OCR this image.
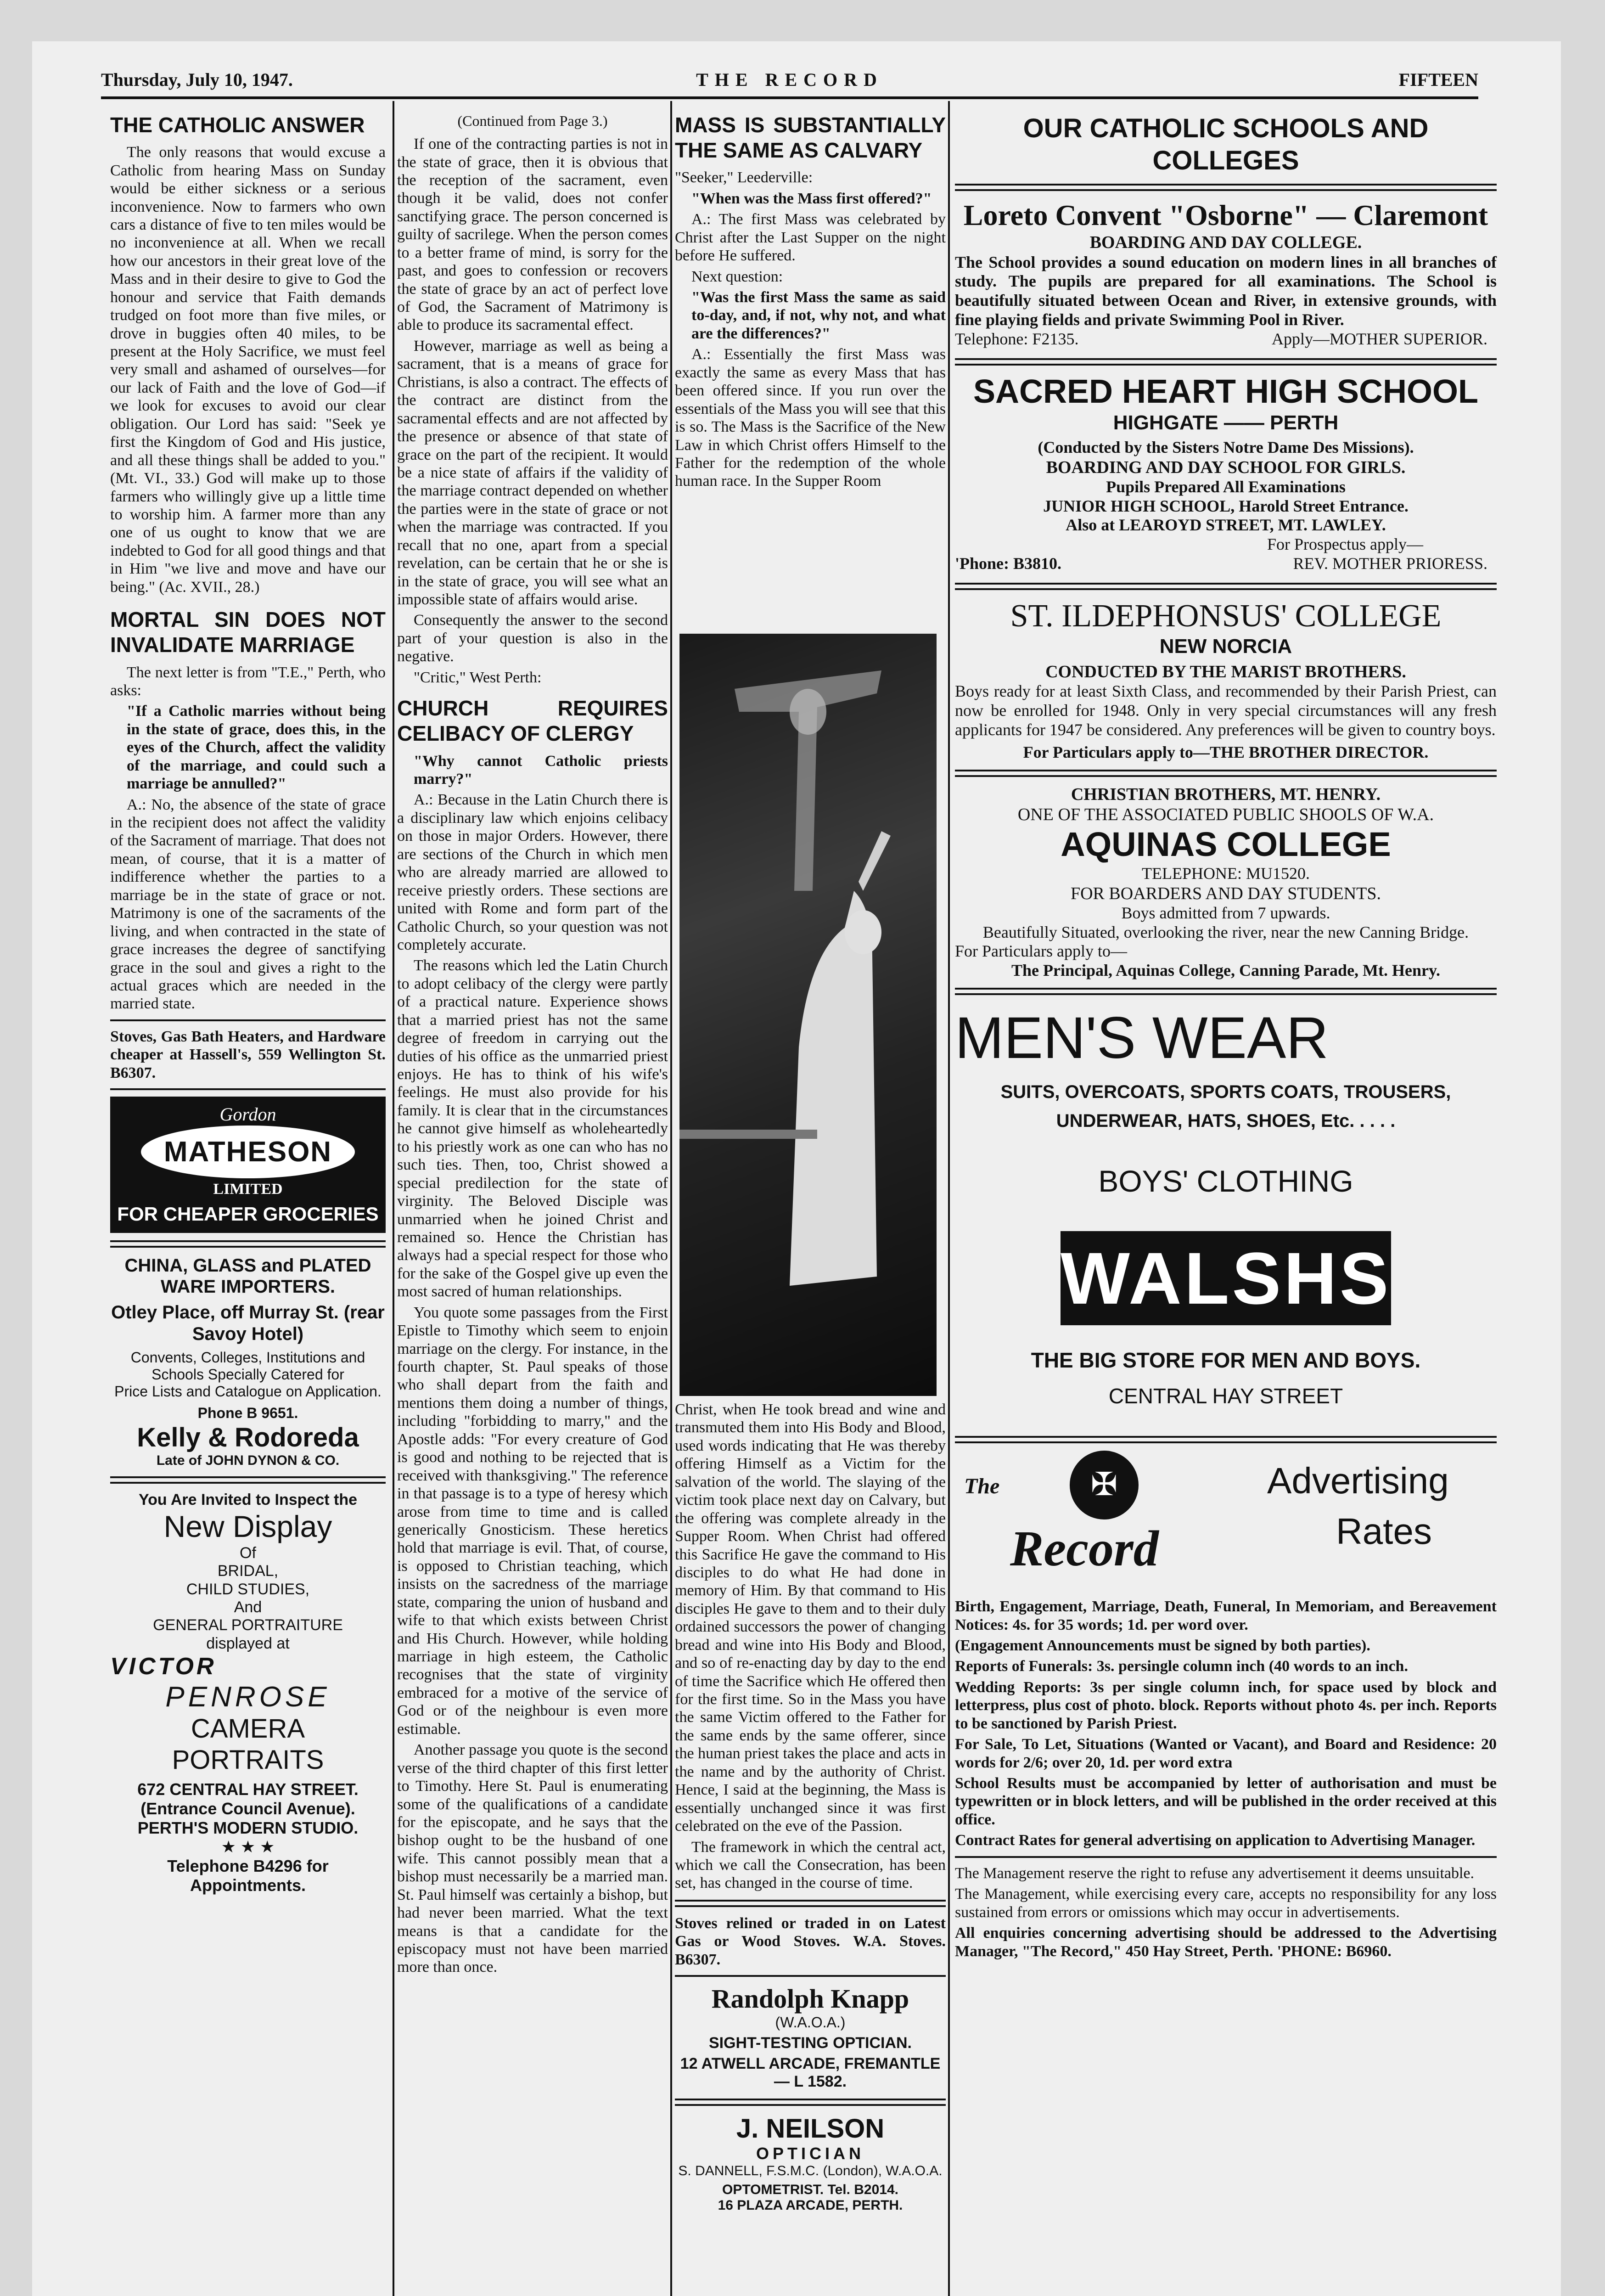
Thursday, July 10, 1947.	THE RECORD	FIFTEEN
THE CATHOLIC ANSWER

The only reasons that would excuse a Catholic from hearing Mass on Sunday would be either sickness or a serious inconvenience. Now to farmers who own cars a distance of five to ten miles would be no inconvenience at all. When we recall how our ancestors in their great love of the Mass and in their desire to give to God the honour and service that Faith demands trudged on foot more than five miles, or drove in buggies often 40 miles, to be present at the Holy Sacrifice, we must feel very small and ashamed of ourselves—for our lack of Faith and the love of God—if we look for excuses to avoid our clear obligation. Our Lord has said: "Seek ye first the Kingdom of God and His justice, and all these things shall be added to you." (Mt. VI., 33.) God will make up to those farmers who willingly give up a little time to worship him. A farmer more than any one of us ought to know that we are indebted to God for all good things and that in Him "we live and move and have our being." (Ac. XVII., 28.)

MORTAL SIN DOES NOT INVALIDATE MARRIAGE

The next letter is from "T.E.," Perth, who asks:

"If a Catholic marries without being in the state of grace, does this, in the eyes of the Church, affect the validity of the marriage, and could such a marriage be annulled?"

A.: No, the absence of the state of grace in the recipient does not affect the validity of the Sacrament of marriage. That does not mean, of course, that it is a matter of indifference whether the parties to a marriage be in the state of grace or not. Matrimony is one of the sacraments of the living, and when contracted in the state of grace increases the degree of sanctifying grace in the soul and gives a right to the actual graces which are needed in the married state.

Stoves, Gas Bath Heaters, and Hardware cheaper at Hassell's, 559 Wellington St. B6307.

Gordon
MATHESON
LIMITED
FOR CHEAPER GROCERIES
CHINA, GLASS and PLATED WARE IMPORTERS.
Otley Place, off Murray St. (rear Savoy Hotel)
Convents, Colleges, Institutions and Schools Specially Catered for
Price Lists and Catalogue on Application.
Phone B 9651.
Kelly & Rodoreda
Late of JOHN DYNON & CO.
You Are Invited to Inspect the
New Display
Of
BRIDAL,
CHILD STUDIES,
And
GENERAL PORTRAITURE
displayed at
VICTOR
PENROSE
CAMERA
PORTRAITS
672 CENTRAL HAY STREET.
(Entrance Council Avenue).
PERTH'S MODERN STUDIO.
★ ★ ★
Telephone B4296 for Appointments.

(Continued from Page 3.)

If one of the contracting parties is not in the state of grace, then it is obvious that the reception of the sacrament, even though it be valid, does not confer sanctifying grace. The person concerned is guilty of sacrilege. When the person comes to a better frame of mind, is sorry for the past, and goes to confession or recovers the state of grace by an act of perfect love of God, the Sacrament of Matrimony is able to produce its sacramental effect.

However, marriage as well as being a sacrament, that is a means of grace for Christians, is also a contract. The effects of the contract are distinct from the sacramental effects and are not affected by the presence or absence of that state of grace on the part of the recipient. It would be a nice state of affairs if the validity of the marriage contract depended on whether the parties were in the state of grace or not when the marriage was contracted. If you recall that no one, apart from a special revelation, can be certain that he or she is in the state of grace, you will see what an impossible state of affairs would arise.

Consequently the answer to the second part of your question is also in the negative.

"Critic," West Perth:

CHURCH REQUIRES CELIBACY OF CLERGY

"Why cannot Catholic priests marry?"

A.: Because in the Latin Church there is a disciplinary law which enjoins celibacy on those in major Orders. However, there are sections of the Church in which men who are already married are allowed to receive priestly orders. These sections are united with Rome and form part of the Catholic Church, so your question was not completely accurate.

The reasons which led the Latin Church to adopt celibacy of the clergy were partly of a practical nature. Experience shows that a married priest has not the same degree of freedom in carrying out the duties of his office as the unmarried priest enjoys. He has to think of his wife's feelings. He must also provide for his family. It is clear that in the circumstances he cannot give himself as wholeheartedly to his priestly work as one can who has no such ties. Then, too, Christ showed a special predilection for the state of virginity. The Beloved Disciple was unmarried when he joined Christ and remained so. Hence the Christian has always had a special respect for those who for the sake of the Gospel give up even the most sacred of human relationships.

You quote some passages from the First Epistle to Timothy which seem to enjoin marriage on the clergy. For instance, in the fourth chapter, St. Paul speaks of those who shall depart from the faith and mentions them doing a number of things, including "forbidding to marry," and the Apostle adds: "For every creature of God is good and nothing to be rejected that is received with thanksgiving." The reference in that passage is to a type of heresy which arose from time to time and is called generically Gnosticism. These heretics hold that marriage is evil. That, of course, is opposed to Christian teaching, which insists on the sacredness of the marriage state, comparing the union of husband and wife to that which exists between Christ and His Church. However, while holding marriage in high esteem, the Catholic recognises that the state of virginity embraced for a motive of the service of God or of the neighbour is even more estimable.

Another passage you quote is the second verse of the third chapter of this first letter to Timothy. Here St. Paul is enumerating some of the qualifications of a candidate for the episcopate, and he says that the bishop ought to be the husband of one wife. This cannot possibly mean that a bishop must necessarily be a married man. St. Paul himself was certainly a bishop, but had never been married. What the text means is that a candidate for the episcopacy must not have been married more than once.

MASS IS SUBSTANTIALLY THE SAME AS CALVARY

"Seeker," Leederville:

"When was the Mass first offered?"

A.: The first Mass was celebrated by Christ after the Last Supper on the night before He suffered.

Next question:

"Was the first Mass the same as said to-day, and, if not, why not, and what are the differences?"

A.: Essentially the first Mass was exactly the same as every Mass that has been offered since. If you run over the essentials of the Mass you will see that this is so. The Mass is the Sacrifice of the New Law in which Christ offers Himself to the Father for the redemption of the whole human race. In the Supper Room

Christ, when He took bread and wine and transmuted them into His Body and Blood, used words indicating that He was thereby offering Himself as a Victim for the salvation of the world. The slaying of the victim took place next day on Calvary, but the offering was complete already in the Supper Room. When Christ had offered this Sacrifice He gave the command to His disciples to do what He had done in memory of Him. By that command to His disciples He gave to them and to their duly ordained successors the power of changing bread and wine into His Body and Blood, and so of re-enacting day by day to the end of time the Sacrifice which He offered then for the first time. So in the Mass you have the same Victim offered to the Father for the same ends by the same offerer, since the human priest takes the place and acts in the name and by the authority of Christ. Hence, I said at the beginning, the Mass is essentially unchanged since it was first celebrated on the eve of the Passion.

The framework in which the central act, which we call the Consecration, has been set, has changed in the course of time.

Stoves relined or traded in on Latest Gas or Wood Stoves. W.A. Stoves. B6307.

Randolph Knapp
(W.A.O.A.)
SIGHT-TESTING OPTICIAN.
12 ATWELL ARCADE, FREMANTLE — L 1582.
J. NEILSON
OPTICIAN
S. DANNELL, F.S.M.C. (London), W.A.O.A.
OPTOMETRIST. Tel. B2014.
16 PLAZA ARCADE, PERTH.
OUR CATHOLIC SCHOOLS AND COLLEGES
Loreto Convent "Osborne" — Claremont
BOARDING AND DAY COLLEGE.
The School provides a sound education on modern lines in all branches of study. The pupils are prepared for all examinations. The School is beautifully situated between Ocean and River, in extensive grounds, with fine playing fields and private Swimming Pool in River.
Telephone: F2135.	Apply—MOTHER SUPERIOR.
SACRED HEART HIGH SCHOOL
HIGHGATE —— PERTH
(Conducted by the Sisters Notre Dame Des Missions).
BOARDING AND DAY SCHOOL FOR GIRLS.
Pupils Prepared All Examinations
JUNIOR HIGH SCHOOL, Harold Street Entrance.
Also at LEAROYD STREET, MT. LAWLEY.
For Prospectus apply—
'Phone: B3810.	REV. MOTHER PRIORESS.
ST. ILDEPHONSUS' COLLEGE
NEW NORCIA
CONDUCTED BY THE MARIST BROTHERS.
Boys ready for at least Sixth Class, and recommended by their Parish Priest, can now be enrolled for 1948. Only in very special circumstances will any fresh applicants for 1947 be considered. Any preferences will be given to country boys.
For Particulars apply to—THE BROTHER DIRECTOR.
CHRISTIAN BROTHERS, MT. HENRY.
ONE OF THE ASSOCIATED PUBLIC SHOOLS OF W.A.
AQUINAS COLLEGE
TELEPHONE: MU1520.
FOR BOARDERS AND DAY STUDENTS.
Boys admitted from 7 upwards.
Beautifully Situated, overlooking the river, near the new Canning Bridge.
For Particulars apply to—
The Principal, Aquinas College, Canning Parade, Mt. Henry.
MEN'S WEAR
SUITS, OVERCOATS, SPORTS COATS, TROUSERS,
UNDERWEAR, HATS, SHOES, Etc. . . . .
BOYS' CLOTHING
WALSHS
THE BIG STORE FOR MEN AND BOYS.
CENTRAL HAY STREET
The	✠
Record
Advertising
Rates

Birth, Engagement, Marriage, Death, Funeral, In Memoriam, and Bereavement Notices: 4s. for 35 words; 1d. per word over.

(Engagement Announcements must be signed by both parties).

Reports of Funerals: 3s. persingle column inch (40 words to an inch.

Wedding Reports: 3s per single column inch, for space used by block and letterpress, plus cost of photo. block. Reports without photo 4s. per inch. Reports to be sanctioned by Parish Priest.

For Sale, To Let, Situations (Wanted or Vacant), and Board and Residence: 20 words for 2/6; over 20, 1d. per word extra

School Results must be accompanied by letter of authorisation and must be typewritten or in block letters, and will be published in the order received at this office.

Contract Rates for general advertising on application to Advertising Manager.

The Management reserve the right to refuse any advertisement it deems unsuitable.

The Management, while exercising every care, accepts no responsibility for any loss sustained from errors or omissions which may occur in advertisements.

All enquiries concerning advertising should be addressed to the Advertising Manager, "The Record," 450 Hay Street, Perth. 'PHONE: B6960.
